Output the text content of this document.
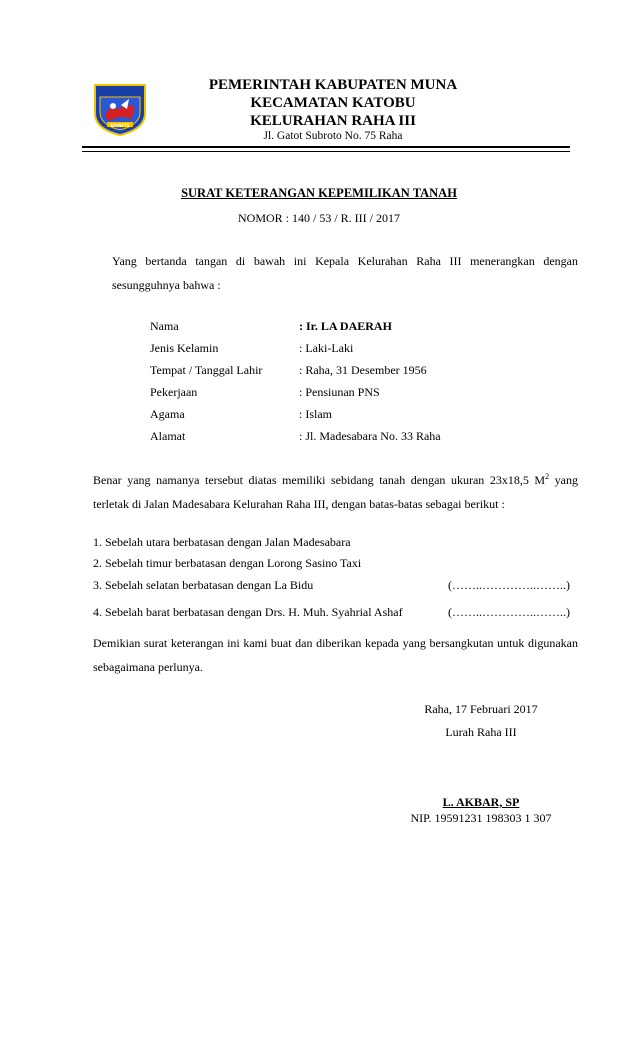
KABUPATEN MUNA
SOWITE
PEMERINTAH KABUPATEN MUNA
KECAMATAN KATOBU
KELURAHAN RAHA III
Jl. Gatot Subroto No. 75 Raha
SURAT KETERANGAN KEPEMILIKAN TANAH
NOMOR : 140 / 53 / R. III / 2017
Yang bertanda tangan di bawah ini Kepala Kelurahan Raha III menerangkan dengan sesungguhnya bahwa :
Nama	: Ir. LA DAERAH
Jenis Kelamin	: Laki-Laki
Tempat / Tanggal Lahir	: Raha, 31 Desember 1956
Pekerjaan	: Pensiunan PNS
Agama	: Islam
Alamat	: Jl. Madesabara No. 33 Raha
Benar yang namanya tersebut diatas memiliki sebidang tanah dengan ukuran 23x18,5 $M^2$ yang terletak di Jalan Madesabara Kelurahan Raha III, dengan batas-batas sebagai berikut :
1. Sebelah utara berbatasan dengan Jalan Madesabara
2. Sebelah timur berbatasan dengan Lorong Sasino Taxi
3. Sebelah selatan berbatasan dengan La Bidu	(……..…………..……..)
4. Sebelah barat berbatasan dengan Drs. H. Muh. Syahrial Ashaf	(……..…………..……..)
Demikian surat keterangan ini kami buat dan diberikan kepada yang bersangkutan untuk digunakan sebagaimana perlunya.
Raha, 17 Februari 2017
Lurah Raha III
L. AKBAR, SP
NIP. 19591231 198303 1 307
